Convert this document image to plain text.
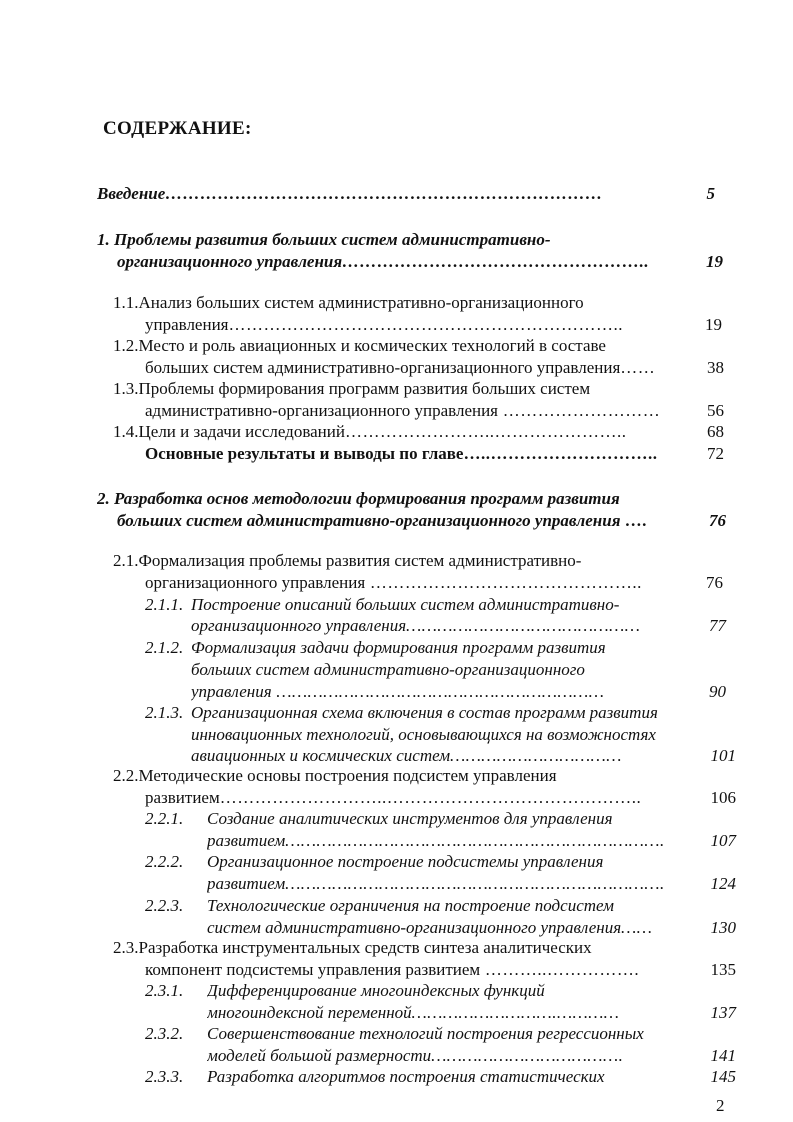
СОДЕРЖАНИЕ:
Введение…………………………………………………………………	5
1. Проблемы развития больших систем административно-
организационного управления……………………………………………..	19
1.1.Анализ больших систем административно-организационного
управления…………………………………………………………..	19
1.2.Место и роль авиационных и космических технологий в составе
больших систем административно-организационного управления……	38
1.3.Проблемы формирования программ развития больших систем
административно-организационного управления ………………………	56
1.4.Цели и задачи исследований……………………..…………………..	68
Основные результаты и выводы по главе…..………………………..	72
2. Разработка основ методологии формирования программ развития
больших систем административно-организационного управления ….	76
2.1.Формализация проблемы развития систем административно-
организационного управления ………………………………………..	76
2.1.1. Построение описаний больших систем административно-
организационного управления………………………………………	77
2.1.2. Формализация задачи формирования программ развития
больших систем административно-организационного
управления ………………………………………………………	90
2.1.3. Организационная схема включения в состав программ развития
инновационных технологий, основывающихся на возможностях
авиационных и космических систем……………………………	101
2.2.Методические основы построения подсистем управления
развитием………………………..……………………………………..	106
2.2.1.	Создание аналитических инструментов для управления
развитием……………………………………………………………….	107
2.2.2.	Организационное построение подсистемы управления
развитием……………………………………………………………….	124
2.2.3.	Технологические ограничения на построение подсистем
систем административно-организационного управления……	130
2.3.Разработка инструментальных средств синтеза аналитических
компонент подсистемы управления развитием ………..…………….	135
2.3.1.	Дифференцирование многоиндексных функций
многоиндексной переменной……………………….…………	137
2.3.2.	Совершенствование технологий построения регрессионных
моделей большой размерности……………………………….	141
2.3.3.	Разработка алгоритмов построения статистических	145
2
